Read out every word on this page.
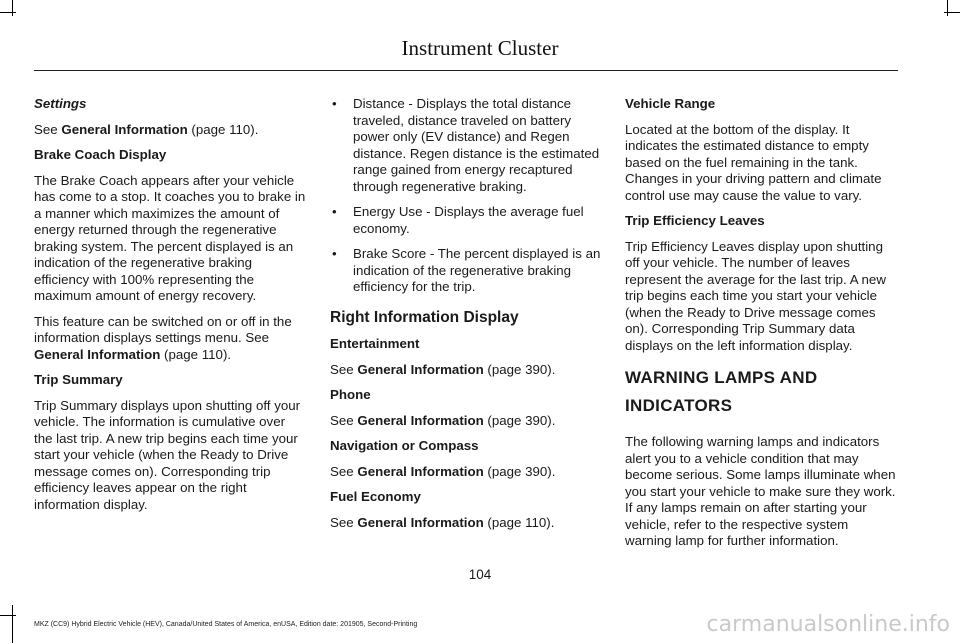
Instrument Cluster
Settings
See General Information (page 110).
Brake Coach Display
The Brake Coach appears after your vehicle has come to a stop. It coaches you to brake in a manner which maximizes the amount of energy returned through the regenerative braking system. The percent displayed is an indication of the regenerative braking efficiency with 100% representing the maximum amount of energy recovery.
This feature can be switched on or off in the information displays settings menu. See General Information (page 110).
Trip Summary
Trip Summary displays upon shutting off your vehicle. The information is cumulative over the last trip. A new trip begins each time your start your vehicle (when the Ready to Drive message comes on). Corresponding trip efficiency leaves appear on the right information display.
• Distance - Displays the total distance traveled, distance traveled on battery power only (EV distance) and Regen distance. Regen distance is the estimated range gained from energy recaptured through regenerative braking.
• Energy Use - Displays the average fuel economy.
• Brake Score - The percent displayed is an indication of the regenerative braking efficiency for the trip.
Right Information Display
Entertainment
See General Information (page 390).
Phone
See General Information (page 390).
Navigation or Compass
See General Information (page 390).
Fuel Economy
See General Information (page 110).
Vehicle Range
Located at the bottom of the display. It indicates the estimated distance to empty based on the fuel remaining in the tank. Changes in your driving pattern and climate control use may cause the value to vary.
Trip Efficiency Leaves
Trip Efficiency Leaves display upon shutting off your vehicle. The number of leaves represent the average for the last trip. A new trip begins each time you start your vehicle (when the Ready to Drive message comes on). Corresponding Trip Summary data displays on the left information display.
WARNING LAMPS AND
INDICATORS
The following warning lamps and indicators alert you to a vehicle condition that may become serious. Some lamps illuminate when you start your vehicle to make sure they work. If any lamps remain on after starting your vehicle, refer to the respective system warning lamp for further information.
104
MKZ (CC9) Hybrid Electric Vehicle (HEV), Canada/United States of America, enUSA, Edition date: 201905, Second-Printing	carmanualsonline.info
